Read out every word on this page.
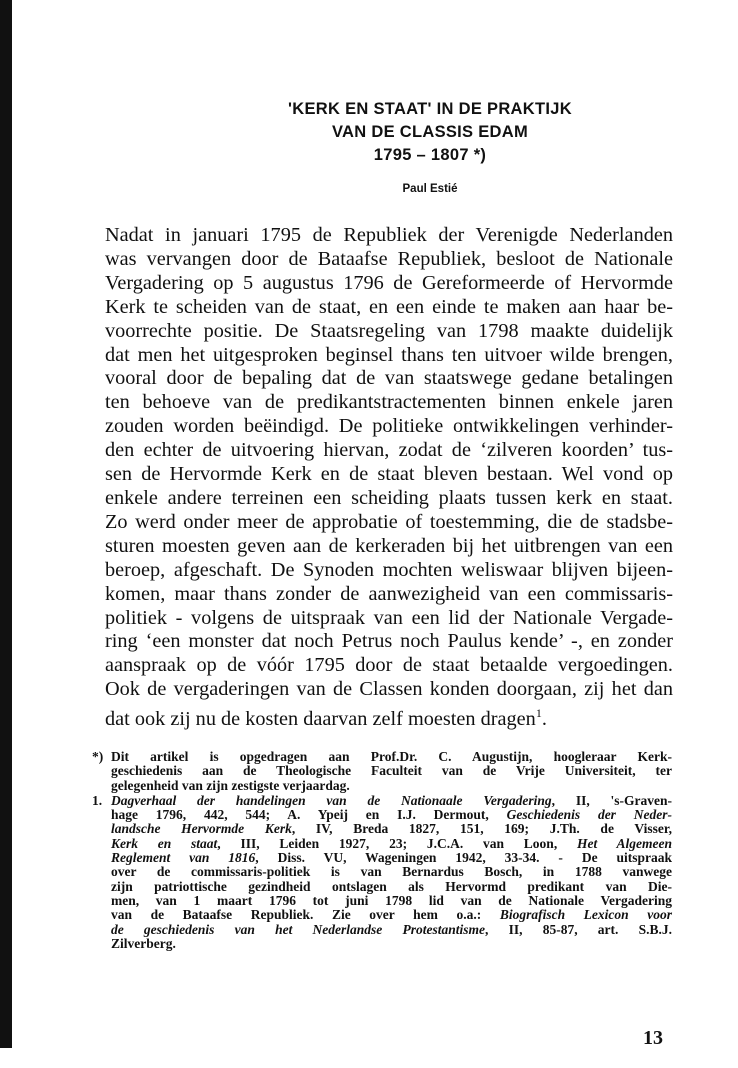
'KERK EN STAAT' IN DE PRAKTIJK
VAN DE CLASSIS EDAM
1795 – 1807 *)
Paul Estié
Nadat in januari 1795 de Republiek der Verenigde Nederlanden
was vervangen door de Bataafse Republiek, besloot de Nationale
Vergadering op 5 augustus 1796 de Gereformeerde of Hervormde
Kerk te scheiden van de staat, en een einde te maken aan haar be-
voorrechte positie. De Staatsregeling van 1798 maakte duidelijk
dat men het uitgesproken beginsel thans ten uitvoer wilde brengen,
vooral door de bepaling dat de van staatswege gedane betalingen
ten behoeve van de predikantstractementen binnen enkele jaren
zouden worden beëindigd. De politieke ontwikkelingen verhinder-
den echter de uitvoering hiervan, zodat de ‘zilveren koorden’ tus-
sen de Hervormde Kerk en de staat bleven bestaan. Wel vond op
enkele andere terreinen een scheiding plaats tussen kerk en staat.
Zo werd onder meer de approbatie of toestemming, die de stadsbe-
sturen moesten geven aan de kerkeraden bij het uitbrengen van een
beroep, afgeschaft. De Synoden mochten weliswaar blijven bijeen-
komen, maar thans zonder de aanwezigheid van een commissaris-
politiek - volgens de uitspraak van een lid der Nationale Vergade-
ring ‘een monster dat noch Petrus noch Paulus kende’ -, en zonder
aanspraak op de vóór 1795 door de staat betaalde vergoedingen.
Ook de vergaderingen van de Classen konden doorgaan, zij het dan
dat ook zij nu de kosten daarvan zelf moesten dragen$^1$.
*) Dit artikel is opgedragen aan Prof.Dr. C. Augustijn, hoogleraar Kerk-
geschiedenis aan de Theologische Faculteit van de Vrije Universiteit, ter
gelegenheid van zijn zestigste verjaardag.
1. Dagverhaal der handelingen van de Nationaale Vergadering, II, 's-Graven-
hage 1796, 442, 544; A. Ypeij en I.J. Dermout, Geschiedenis der Neder-
landsche Hervormde Kerk, IV, Breda 1827, 151, 169; J.Th. de Visser,
Kerk en staat, III, Leiden 1927, 23; J.C.A. van Loon, Het Algemeen
Reglement van 1816, Diss. VU, Wageningen 1942, 33-34. - De uitspraak
over de commissaris-politiek is van Bernardus Bosch, in 1788 vanwege
zijn patriottische gezindheid ontslagen als Hervormd predikant van Die-
men, van 1 maart 1796 tot juni 1798 lid van de Nationale Vergadering
van de Bataafse Republiek. Zie over hem o.a.: Biografisch Lexicon voor
de geschiedenis van het Nederlandse Protestantisme, II, 85-87, art. S.B.J.
Zilverberg.
13
